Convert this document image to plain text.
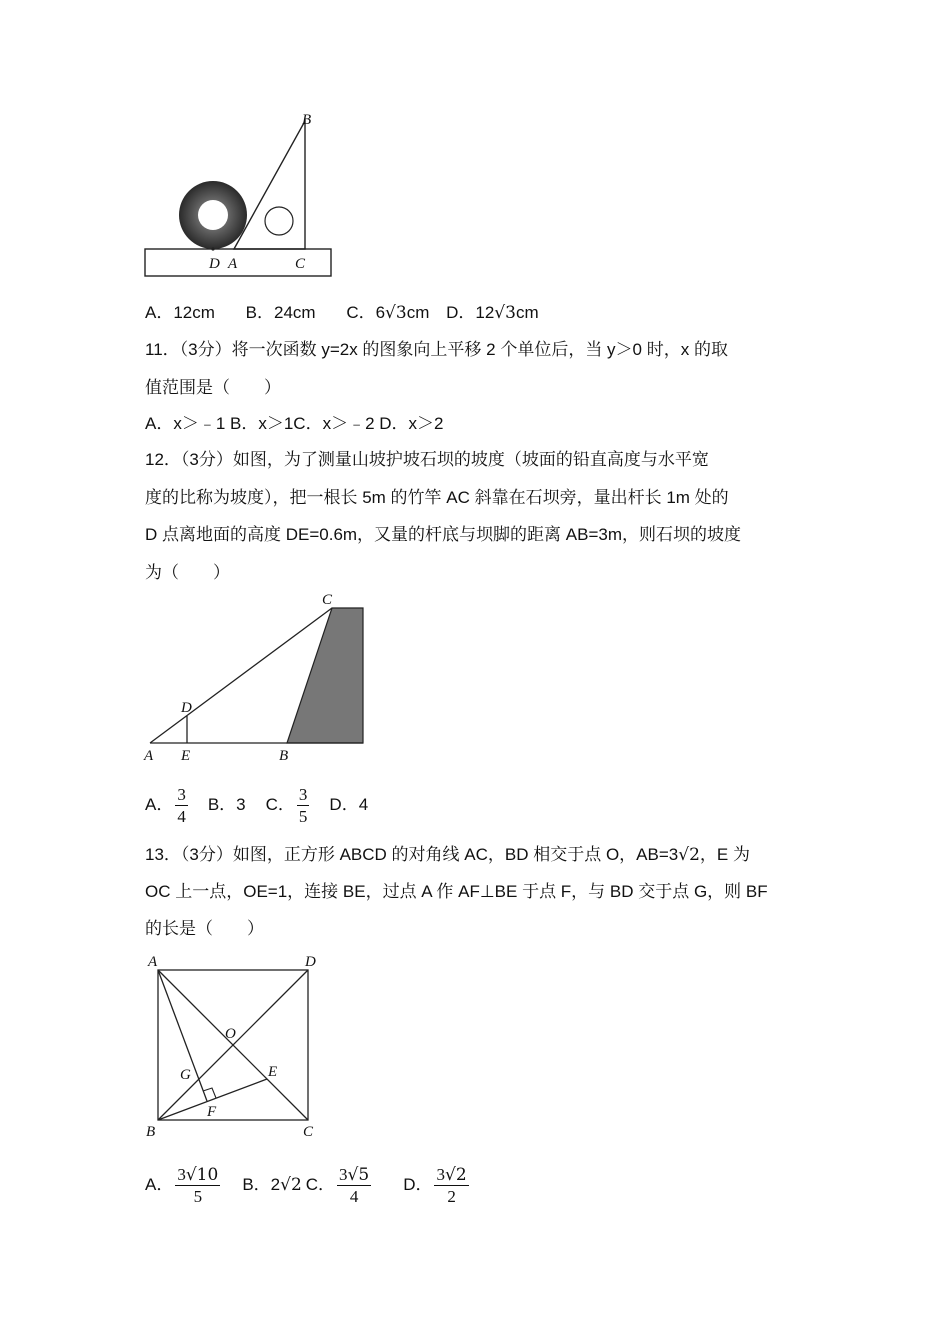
B
D A	C
A．12cm B．24cm C．6√3cm D．12√3cm
11．（3分）将一次函数 y=2x 的图象向上平移 2 个单位后，当 y＞0 时，x 的取
值范围是（　　）
A．x＞﹣1 B．x＞1C．x＞﹣2 D．x＞2
12．（3分）如图，为了测量山坡护坡石坝的坡度（坡面的铅直高度与水平宽
度的比称为坡度），把一根长 5m 的竹竿 AC 斜靠在石坝旁，量出杆长 1m 处的
D 点离地面的高度 DE=0.6m，又量的杆底与坝脚的距离 AB=3m，则石坝的坡度
为（　　）
C
D
A E	B
A． $\frac{3}{4}$ B．3 C． $\frac{3}{5}$ D．4
13．（3分）如图，正方形 ABCD 的对角线 AC，BD 相交于点 O，AB=3√2，E 为
OC 上一点，OE=1，连接 BE，过点 A 作 AF⊥BE 于点 F，与 BD 交于点 G，则 BF
的长是（　　）
A	D
O
G	E
F
B	C
A． $\frac{3√10}{5}$ B．2√2 C． $\frac{3√5}{4}$ D． $\frac{3√2}{2}$
